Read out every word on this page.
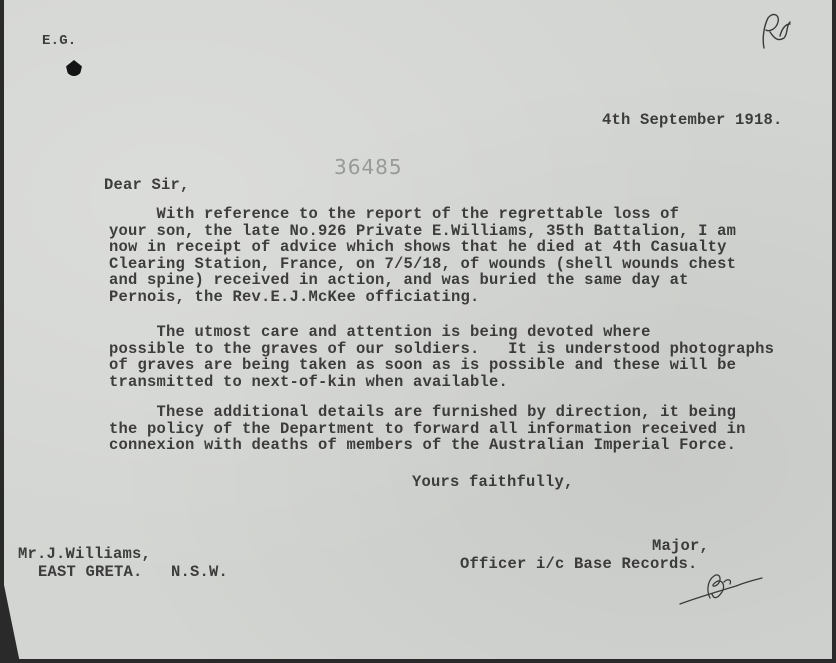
E.G.
4th September 1918.
36485
Dear Sir,
With reference to the report of the regrettable loss of
your son, the late No.926 Private E.Williams, 35th Battalion, I am
now in receipt of advice which shows that he died at 4th Casualty
Clearing Station, France, on 7/5/18, of wounds (shell wounds chest
and spine) received in action, and was buried the same day at
Pernois, the Rev.E.J.McKee officiating.
The utmost care and attention is being devoted where
possible to the graves of our soldiers.   It is understood photographs
of graves are being taken as soon as is possible and these will be
transmitted to next-of-kin when available.
These additional details are furnished by direction, it being
the policy of the Department to forward all information received in
connexion with deaths of members of the Australian Imperial Force.
Yours faithfully,
Mr.J.Williams,
EAST GRETA.   N.S.W.
Major,
Officer i/c Base Records.
